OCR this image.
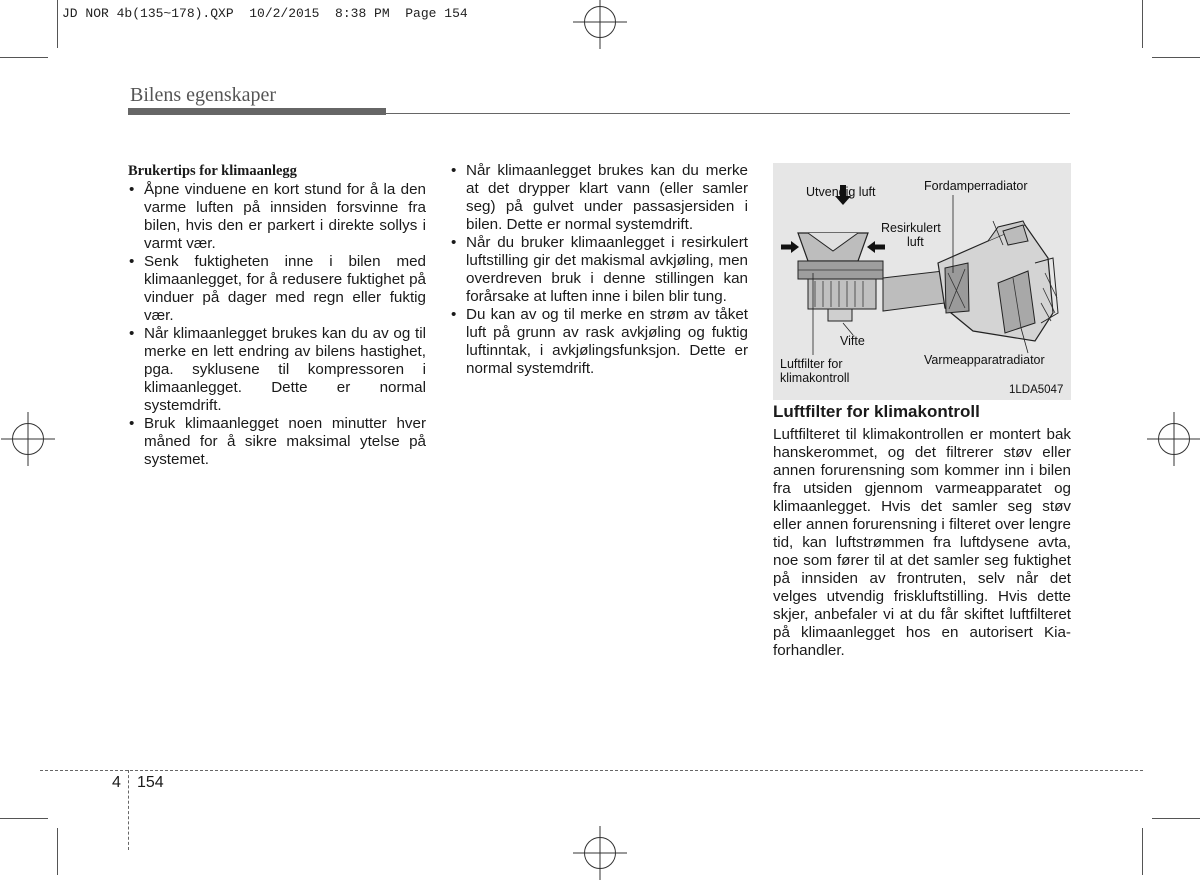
JD NOR 4b(135~178).QXP  10/2/2015  8:38 PM  Page 154
Bilens egenskaper
Brukertips for klimaanlegg
• Åpne vinduene en kort stund for å la den varme luften på innsiden forsvinne fra bilen, hvis den er parkert i direkte sollys i varmt vær.
• Senk fuktigheten inne i bilen med klimaanlegget, for å redusere fuktighet på vinduer på dager med regn eller fuktig vær.
• Når klimaanlegget brukes kan du av og til merke en lett endring av bilens hastighet, pga. syklusene til kompressoren i klimaanlegget. Dette er normal systemdrift.
• Bruk klimaanlegget noen minutter hver måned for å sikre maksimal ytelse på systemet.
• Når klimaanlegget brukes kan du merke at det drypper klart vann (eller samler seg) på gulvet under passasjersiden i bilen. Dette er normal systemdrift.
• Når du bruker klimaanlegget i resirkulert luftstilling gir det makismal avkjøling, men overdreven bruk i denne stillingen kan forårsake at luften inne i bilen blir tung.
• Du kan av og til merke en strøm av tåket luft på grunn av rask avkjøling og fuktig luftinntak, i avkjølingsfunksjon. Dette er normal systemdrift.
Utvendig luft	Fordamperradiator
Resirkulert
luft
Vifte
Luftfilter for
klimakontroll
Varmeapparatradiator
1LDA5047
Luftfilter for klimakontroll

Luftfilteret til klimakontrollen er montert bak hanskerommet, og det filtrerer støv eller annen forurensning som kommer inn i bilen fra utsiden gjennom varmeapparatet og klimaanlegget. Hvis det samler seg støv eller annen forurensning i filteret over lengre tid, kan luftstrømmen fra luftdysene avta, noe som fører til at det samler seg fuktighet på innsiden av frontruten, selv når det velges utvendig friskluftstilling. Hvis dette skjer, anbefaler vi at du får skiftet luftfilteret på klimaanlegget hos en autorisert Kia-forhandler.

4 154
